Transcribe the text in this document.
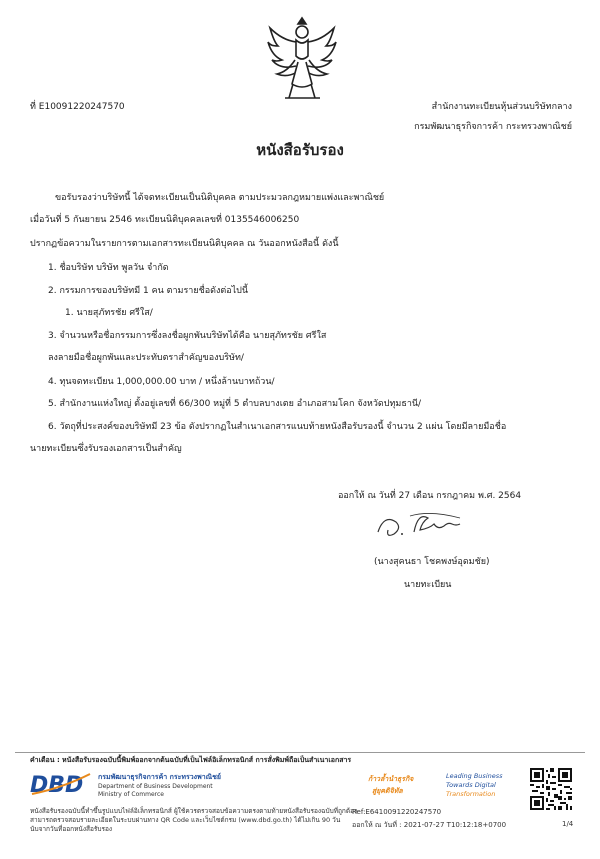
ที่ E10091220247570	สำนักงานทะเบียนหุ้นส่วนบริษัทกลาง
กรมพัฒนาธุรกิจการค้า กระทรวงพาณิชย์
หนังสือรับรอง
ขอรับรองว่าบริษัทนี้ ได้จดทะเบียนเป็นนิติบุคคล ตามประมวลกฎหมายแพ่งและพาณิชย์
เมื่อวันที่ 5 กันยายน 2546 ทะเบียนนิติบุคคลเลขที่ 0135546006250
ปรากฏข้อความในรายการตามเอกสารทะเบียนนิติบุคคล ณ วันออกหนังสือนี้ ดังนี้
1. ชื่อบริษัท บริษัท พูลวัน จำกัด
2. กรรมการของบริษัทมี 1 คน ตามรายชื่อดังต่อไปนี้
1. นายสุภัทรชัย ศรีใส/
3. จำนวนหรือชื่อกรรมการซึ่งลงชื่อผูกพันบริษัทได้คือ นายสุภัทรชัย ศรีใส
ลงลายมือชื่อผูกพันและประทับตราสำคัญของบริษัท/
4. ทุนจดทะเบียน 1,000,000.00 บาท / หนึ่งล้านบาทถ้วน/
5. สำนักงานแห่งใหญ่ ตั้งอยู่เลขที่ 66/300 หมู่ที่ 5 ตำบลบางเตย อำเภอสามโคก จังหวัดปทุมธานี/
6. วัตถุที่ประสงค์ของบริษัทมี 23 ข้อ ดังปรากฏในสำเนาเอกสารแนบท้ายหนังสือรับรองนี้ จำนวน 2 แผ่น โดยมีลายมือชื่อ
นายทะเบียนซึ่งรับรองเอกสารเป็นสำคัญ
ออกให้ ณ วันที่ 27 เดือน กรกฎาคม พ.ศ. 2564
(นางสุคนธา โชคพงษ์อุดมชัย)
นายทะเบียน
คำเตือน : หนังสือรับรองฉบับนี้พิมพ์ออกจากต้นฉบับที่เป็นไฟล์อิเล็กทรอนิกส์ การสั่งพิมพ์ถือเป็นสำเนาเอกสาร
DBD กรมพัฒนาธุรกิจการค้า กระทรวงพาณิชย์
Department of Business Development
Ministry of Commerce
ก้าวล้ำนำธุรกิจ
สู่ยุคดิจิทัล
Leading Business
Towards Digital
Transformation
หนังสือรับรองฉบับนี้ทำขึ้นรูปแบบไฟล์อิเล็กทรอนิกส์ ผู้ใช้ควรตรวจสอบข้อความตรงตามท้ายหนังสือรับรองฉบับที่ถูกต้อง
สามารถตรวจสอบรายละเอียดในระบบผ่านทาง QR Code และเว็บไซต์กรม (www.dbd.go.th) ได้ไม่เกิน 90 วัน
นับจากวันที่ออกหนังสือรับรอง
Ref:E6410091220247570
ออกให้ ณ วันที่ : 2021-07-27 T10:12:18+0700	1/4
